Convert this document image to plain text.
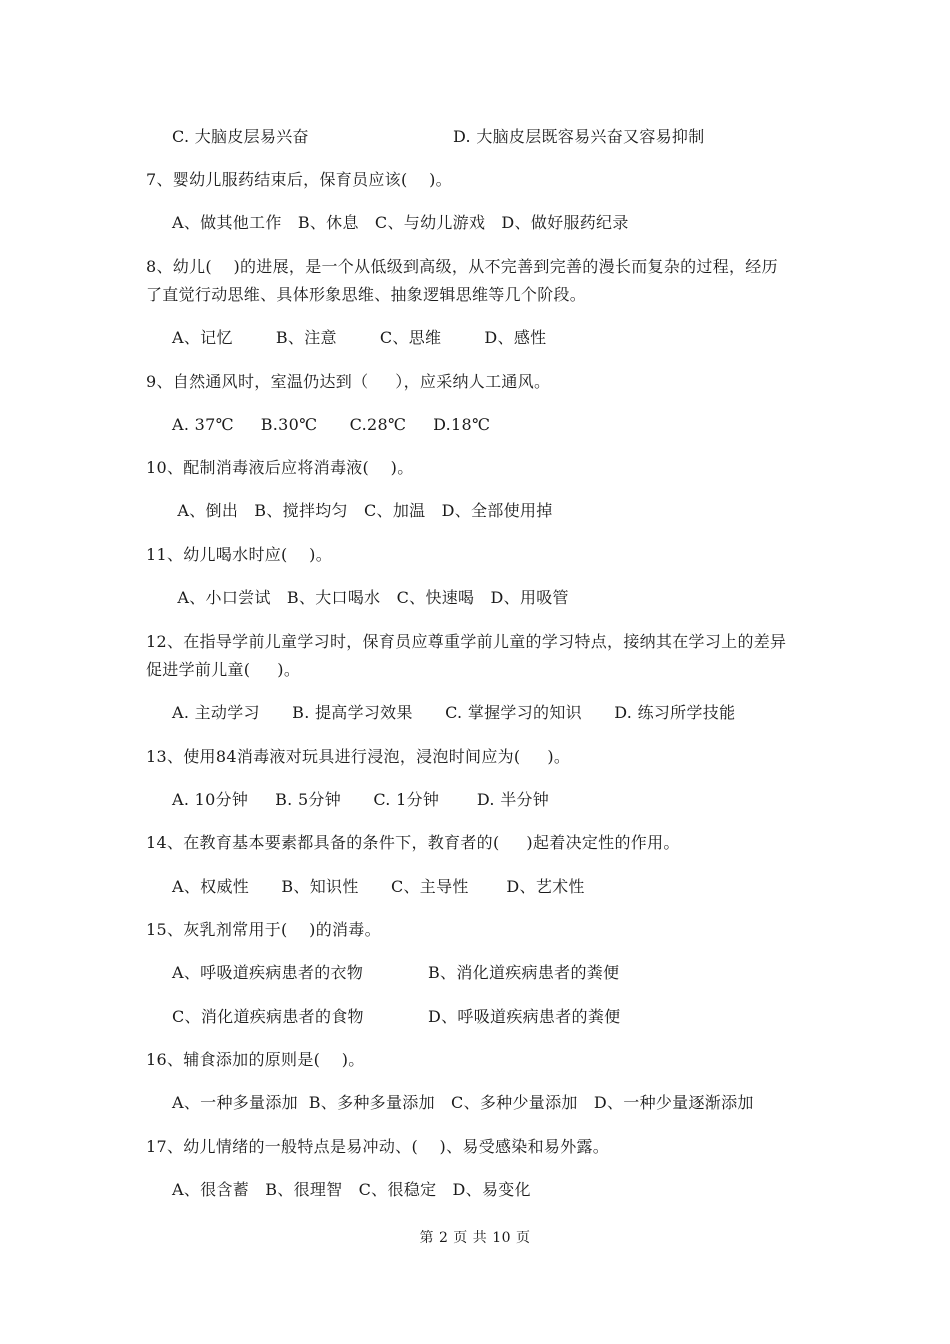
C. 大脑皮层易兴奋	D. 大脑皮层既容易兴奋又容易抑制
7、婴幼儿服药结束后，保育员应该(    )。
A、做其他工作   B、休息   C、与幼儿游戏   D、做好服药纪录
8、幼儿(    )的进展，是一个从低级到高级，从不完善到完善的漫长而复杂的过程，经历
了直觉行动思维、具体形象思维、抽象逻辑思维等几个阶段。
A、记忆        B、注意        C、思维        D、感性
9、自然通风时，室温仍达到（     ），应采纳人工通风。
A. 37℃     B.30℃      C.28℃     D.18℃
10、配制消毒液后应将消毒液(    )。
A、倒出   B、搅拌均匀   C、加温   D、全部使用掉
11、幼儿喝水时应(    )。
A、小口尝试   B、大口喝水   C、快速喝   D、用吸管
12、在指导学前儿童学习时，保育员应尊重学前儿童的学习特点，接纳其在学习上的差异
促进学前儿童(     )。
A. 主动学习      B. 提高学习效果      C. 掌握学习的知识      D. 练习所学技能
13、使用84消毒液对玩具进行浸泡，浸泡时间应为(     )。
A. 10分钟     B. 5分钟      C. 1分钟       D. 半分钟
14、在教育基本要素都具备的条件下，教育者的(     )起着决定性的作用。
A、权威性      B、知识性      C、主导性       D、艺术性
15、灰乳剂常用于(    )的消毒。
A、呼吸道疾病患者的衣物	B、消化道疾病患者的粪便
C、消化道疾病患者的食物	D、呼吸道疾病患者的粪便
16、辅食添加的原则是(    )。
A、一种多量添加  B、多种多量添加   C、多种少量添加   D、一种少量逐渐添加
17、幼儿情绪的一般特点是易冲动、(    )、易受感染和易外露。
A、很含蓄   B、很理智   C、很稳定   D、易变化
第 2 页 共 10 页
